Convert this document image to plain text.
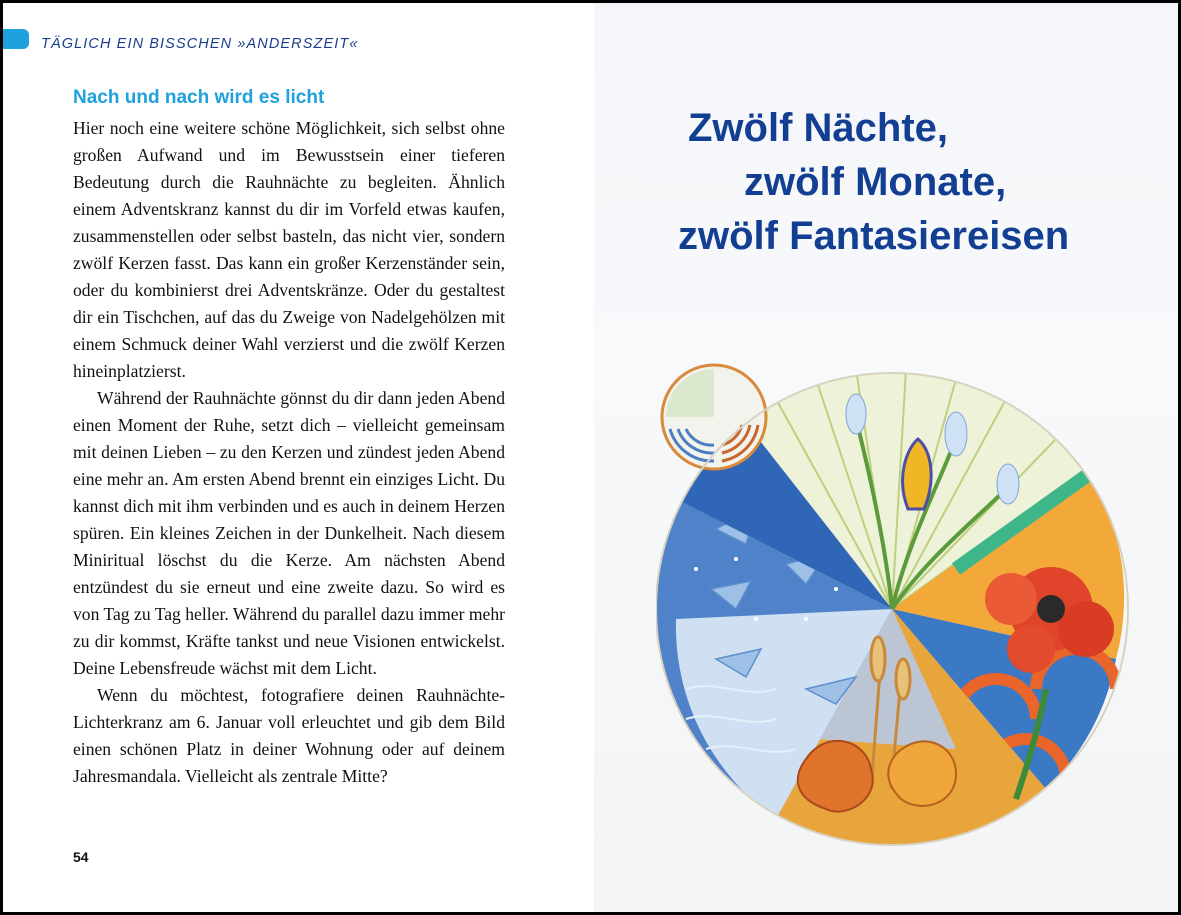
TÄGLICH EIN BISSCHEN »ANDERSZEIT«
Nach und nach wird es licht

Hier noch eine weitere schöne Möglichkeit, sich selbst ohne großen Aufwand und im Bewusstsein einer tieferen Bedeutung durch die Rauhnächte zu begleiten. Ähnlich einem Adventskranz kannst du dir im Vorfeld etwas kaufen, zusammenstellen oder selbst basteln, das nicht vier, sondern zwölf Kerzen fasst. Das kann ein großer Kerzenständer sein, oder du kombinierst drei Adventskränze. Oder du gestaltest dir ein Tischchen, auf das du Zweige von Nadelgehölzen mit einem Schmuck deiner Wahl verzierst und die zwölf Kerzen hineinplatzierst.

Während der Rauhnächte gönnst du dir dann jeden Abend einen Moment der Ruhe, setzt dich – vielleicht gemeinsam mit deinen Lieben – zu den Kerzen und zündest jeden Abend eine mehr an. Am ersten Abend brennt ein einziges Licht. Du kannst dich mit ihm verbinden und es auch in deinem Herzen spüren. Ein kleines Zeichen in der Dunkelheit. Nach diesem Miniritual löschst du die Kerze. Am nächsten Abend entzündest du sie erneut und eine zweite dazu. So wird es von Tag zu Tag heller. Während du parallel dazu immer mehr zu dir kommst, Kräfte tankst und neue Visionen entwickelst. Deine Lebensfreude wächst mit dem Licht.

Wenn du möchtest, fotografiere deinen Rauhnächte-Lichterkranz am 6. Januar voll erleuchtet und gib dem Bild einen schönen Platz in deiner Wohnung oder auf deinem Jahresmandala. Vielleicht als zentrale Mitte?

54
Zwölf Nächte,
zwölf Monate,
zwölf Fantasiereisen
